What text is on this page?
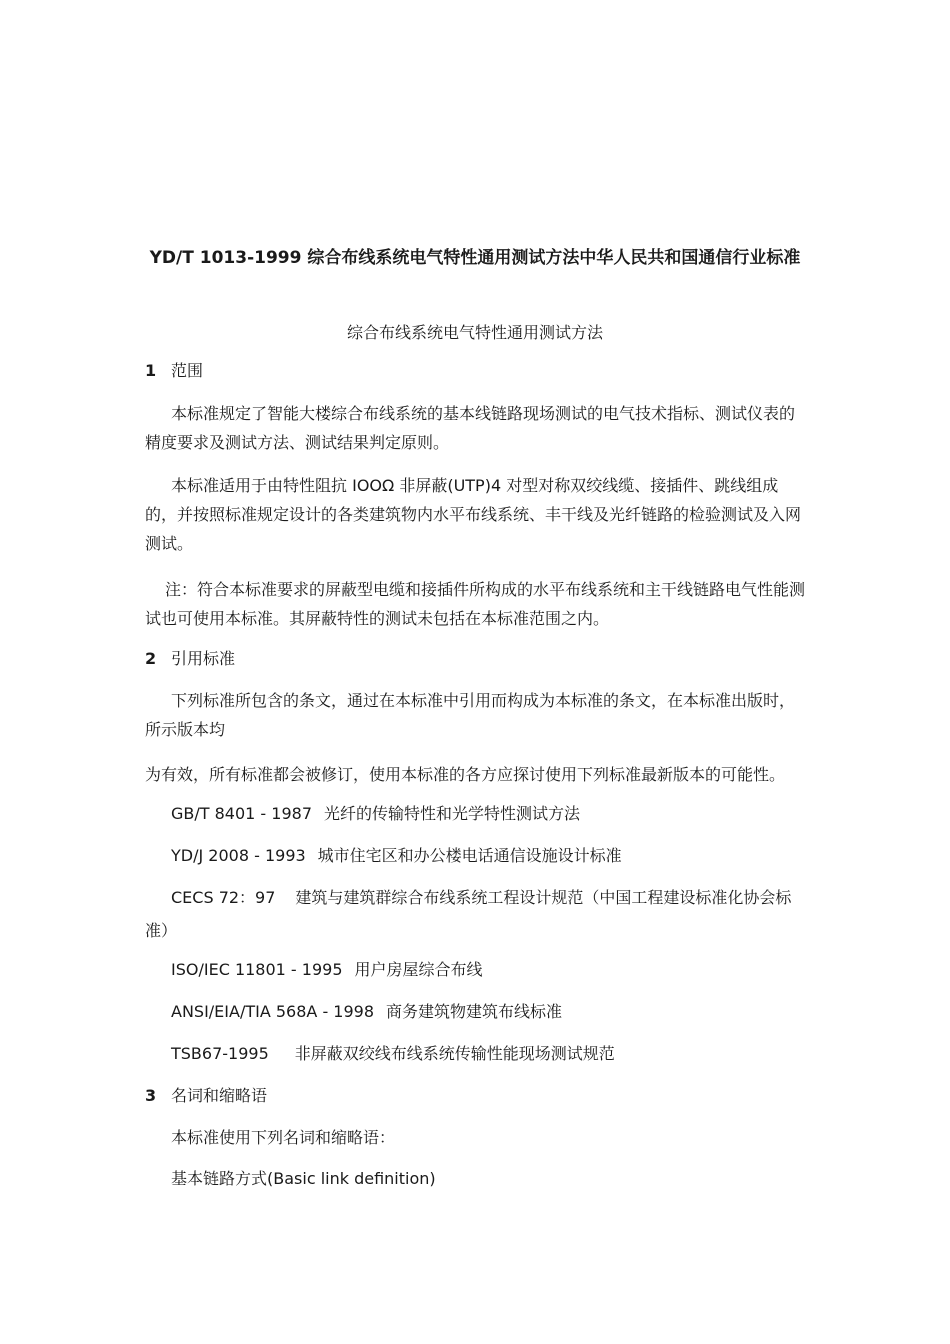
YD/T 1013-1999 综合布线系统电气特性通用测试方法中华人民共和国通信行业标准
综合布线系统电气特性通用测试方法
1 范围
本标准规定了智能大楼综合布线系统的基本线链路现场测试的电气技术指标、测试仪表的精度要求及测试方法、测试结果判定原则。
本标准适用于由特性阻抗 IOOΩ 非屏蔽(UTP)4 对型对称双绞线缆、接插件、跳线组成的，并按照标准规定设计的各类建筑物内水平布线系统、丰干线及光纤链路的检验测试及入网测试。
注：符合本标准要求的屏蔽型电缆和接插件所构成的水平布线系统和主干线链路电气性能测试也可使用本标准。其屏蔽特性的测试未包括在本标准范围之内。
2 引用标准
下列标准所包含的条文，通过在本标准中引用而构成为本标准的条文，在本标准出版时，所示版本均
为有效，所有标准都会被修订，使用本标准的各方应探讨使用下列标准最新版本的可能性。
GB/T 8401 - 1987 光纤的传输特性和光学特性测试方法
YD/J 2008 - 1993 城市住宅区和办公楼电话通信设施设计标准
CECS 72：97 建筑与建筑群综合布线系统工程设计规范（中国工程建设标准化协会标准）
ISO/IEC 11801 - 1995 用户房屋综合布线
ANSI/EIA/TIA 568A - 1998 商务建筑物建筑布线标准
TSB67-1995 非屏蔽双绞线布线系统传输性能现场测试规范
3 名词和缩略语
本标准使用下列名词和缩略语：
基本链路方式(Basic link definition)
